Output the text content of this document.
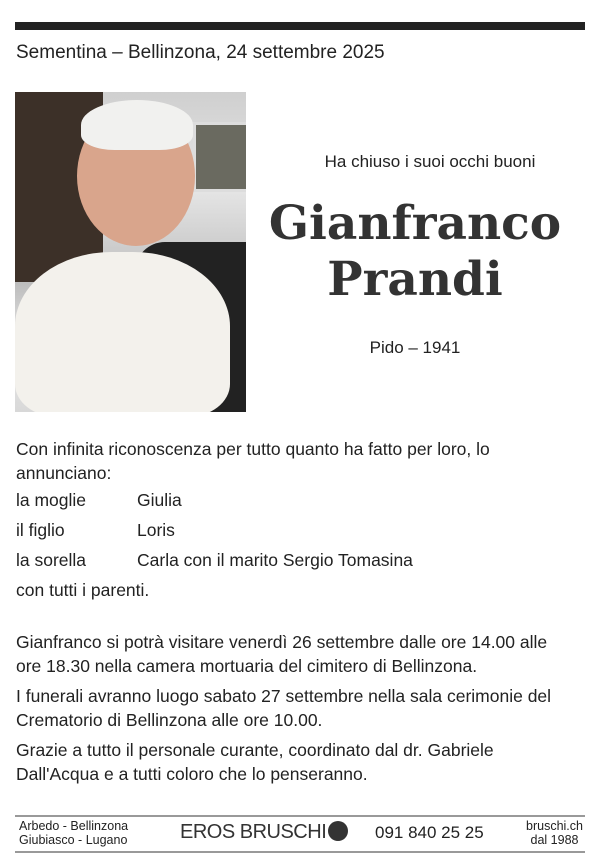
Sementina – Bellinzona, 24 settembre 2025
Ha chiuso i suoi occhi buoni
Gianfranco
Prandi
Pido – 1941

Con infinita riconoscenza per tutto quanto ha fatto per loro, lo annunciano:

la moglie	Giulia
il figlio	Loris
la sorella	Carla con il marito Sergio Tomasina

con tutti i parenti.

Gianfranco si potrà visitare venerdì 26 settembre dalle ore 14.00 alle ore 18.30 nella camera mortuaria del cimitero di Bellinzona.

I funerali avranno luogo sabato 27 settembre nella sala cerimonie del Crematorio di Bellinzona alle ore 10.00.

Grazie a tutto il personale curante, coordinato dal dr. Gabriele Dall'Acqua e a tutti coloro che lo penseranno.

Arbedo - Bellinzona
Giubiasco - Lugano	EROS BRUSCHI	091 840 25 25	bruschi.ch
dal 1988
